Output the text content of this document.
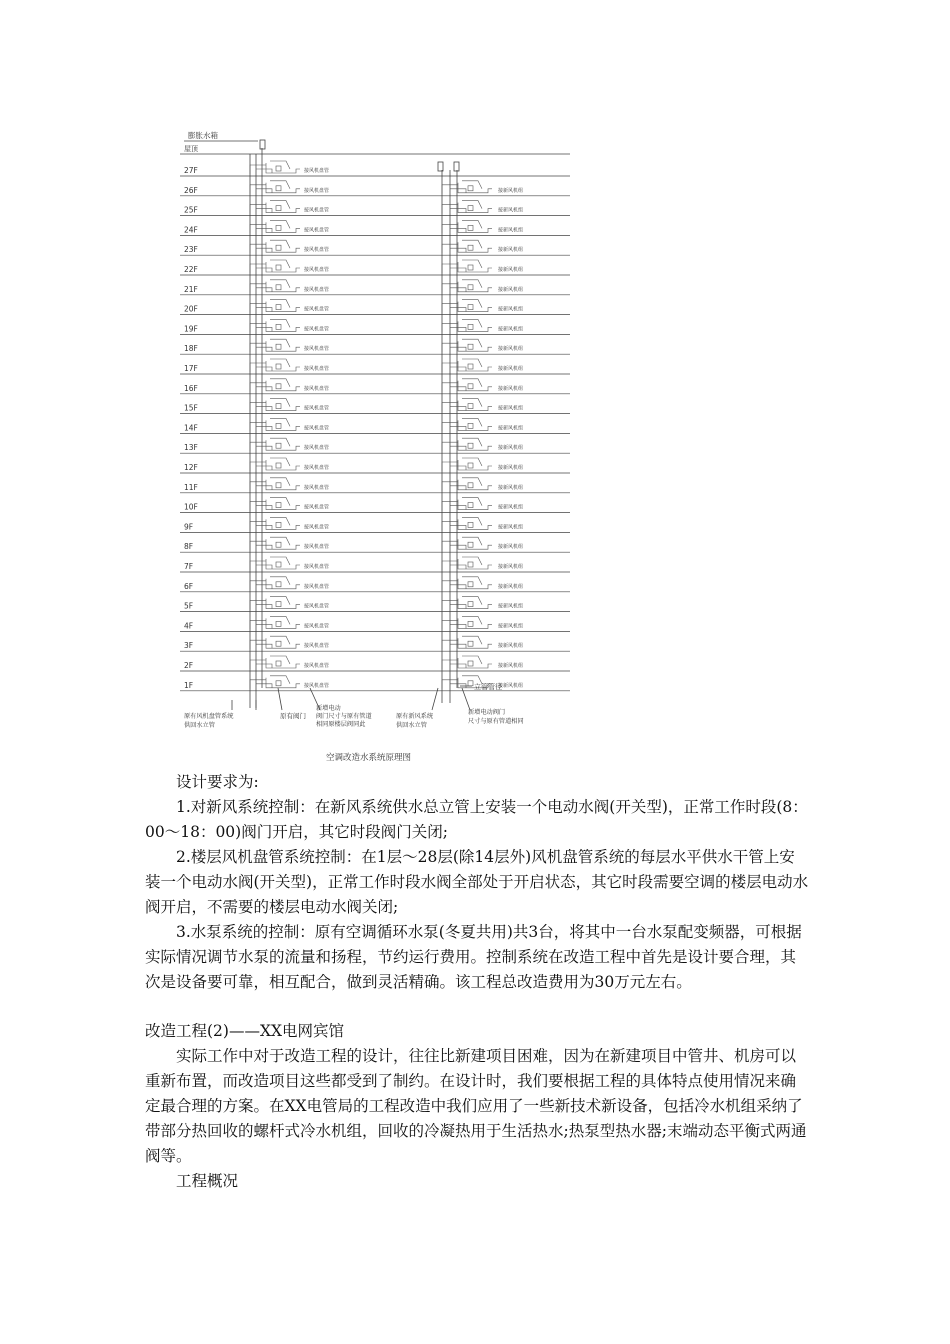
27F	接风机盘管
26F	接风机盘管	接新风机组
25F	接风机盘管	接新风机组
24F	接风机盘管	接新风机组
23F	接风机盘管	接新风机组
22F	接风机盘管	接新风机组
21F	接风机盘管	接新风机组
20F	接风机盘管	接新风机组
19F	接风机盘管	接新风机组
18F	接风机盘管	接新风机组
17F	接风机盘管	接新风机组
16F	接风机盘管	接新风机组
15F	接风机盘管	接新风机组
14F	接风机盘管	接新风机组
13F	接风机盘管	接新风机组
12F	接风机盘管	接新风机组
11F	接风机盘管	接新风机组
10F	接风机盘管	接新风机组
9F	接风机盘管	接新风机组
8F	接风机盘管	接新风机组
7F	接风机盘管	接新风机组
6F	接风机盘管	接新风机组
5F	接风机盘管	接新风机组
4F	接风机盘管	接新风机组
3F	接风机盘管	接新风机组
2F	接风机盘管	接新风机组
1F	接风机盘管	接新风机组
膨胀水箱
屋顶
立管管径
原有阀门
原有风机盘管系统供回水立管
新增电动阀门尺寸与原有管道相同原楼层阀同此
原有新风系统供回水立管
新增电动阀门尺寸与原有管道相同
空调改造水系统原理图

设计要求为:

1.对新风系统控制：在新风系统供水总立管上安装一个电动水阀(开关型)，正常工作时段(8：00～18：00)阀门开启，其它时段阀门关闭;

2.楼层风机盘管系统控制：在1层～28层(除14层外)风机盘管系统的每层水平供水干管上安装一个电动水阀(开关型)，正常工作时段水阀全部处于开启状态，其它时段需要空调的楼层电动水阀开启，不需要的楼层电动水阀关闭;

3.水泵系统的控制：原有空调循环水泵(冬夏共用)共3台，将其中一台水泵配变频器，可根据实际情况调节水泵的流量和扬程，节约运行费用。控制系统在改造工程中首先是设计要合理，其次是设备要可靠，相互配合，做到灵活精确。该工程总改造费用为30万元左右。

改造工程(2)——XX电网宾馆

实际工作中对于改造工程的设计，往往比新建项目困难，因为在新建项目中管井、机房可以重新布置，而改造项目这些都受到了制约。在设计时，我们要根据工程的具体特点使用情况来确定最合理的方案。在XX电管局的工程改造中我们应用了一些新技术新设备，包括冷水机组采纳了带部分热回收的螺杆式冷水机组，回收的冷凝热用于生活热水;热泵型热水器;末端动态平衡式两通阀等。

工程概况
